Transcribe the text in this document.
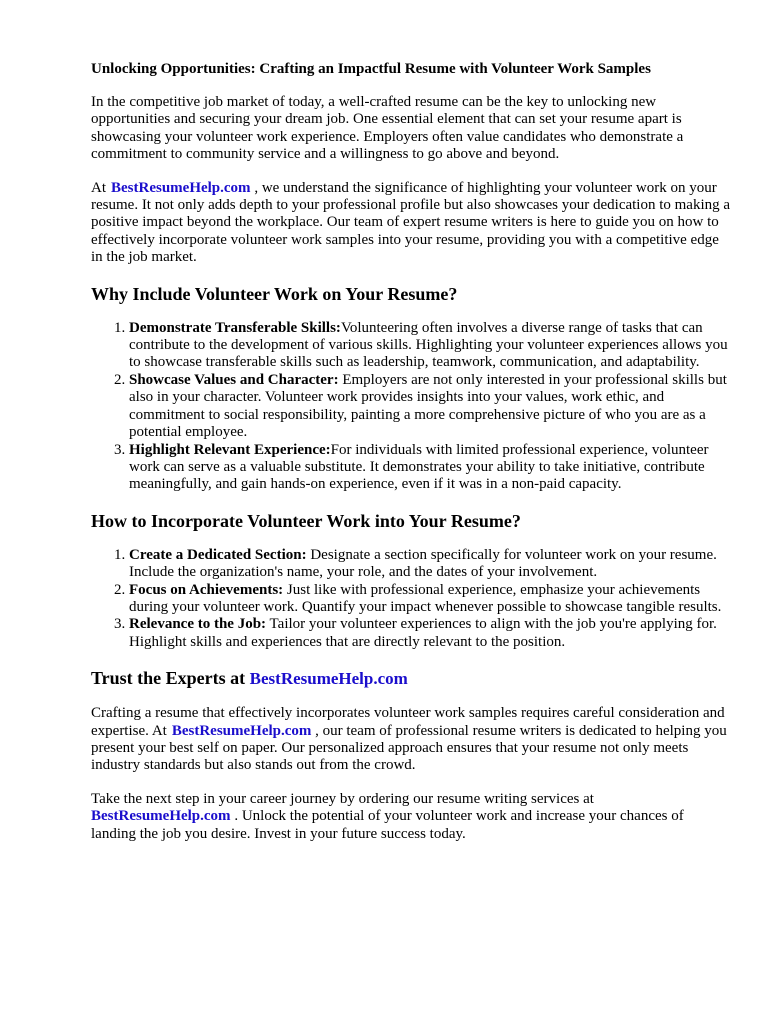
Unlocking Opportunities: Crafting an Impactful Resume with Volunteer Work Samples

In the competitive job market of today, a well-crafted resume can be the key to unlocking new opportunities and securing your dream job. One essential element that can set your resume apart is showcasing your volunteer work experience. Employers often value candidates who demonstrate a commitment to community service and a willingness to go above and beyond.

At BestResumeHelp.com , we understand the significance of highlighting your volunteer work on your resume. It not only adds depth to your professional profile but also showcases your dedication to making a positive impact beyond the workplace. Our team of expert resume writers is here to guide you on how to effectively incorporate volunteer work samples into your resume, providing you with a competitive edge in the job market.

Why Include Volunteer Work on Your Resume?
1. Demonstrate Transferable Skills:Volunteering often involves a diverse range of tasks that can contribute to the development of various skills. Highlighting your volunteer experiences allows you to showcase transferable skills such as leadership, teamwork, communication, and adaptability.
2. Showcase Values and Character: Employers are not only interested in your professional skills but also in your character. Volunteer work provides insights into your values, work ethic, and commitment to social responsibility, painting a more comprehensive picture of who you are as a potential employee.
3. Highlight Relevant Experience:For individuals with limited professional experience, volunteer work can serve as a valuable substitute. It demonstrates your ability to take initiative, contribute meaningfully, and gain hands-on experience, even if it was in a non-paid capacity.
How to Incorporate Volunteer Work into Your Resume?
1. Create a Dedicated Section: Designate a section specifically for volunteer work on your resume. Include the organization's name, your role, and the dates of your involvement.
2. Focus on Achievements: Just like with professional experience, emphasize your achievements during your volunteer work. Quantify your impact whenever possible to showcase tangible results.
3. Relevance to the Job: Tailor your volunteer experiences to align with the job you're applying for. Highlight skills and experiences that are directly relevant to the position.
Trust the Experts at BestResumeHelp.com

Crafting a resume that effectively incorporates volunteer work samples requires careful consideration and expertise. At BestResumeHelp.com , our team of professional resume writers is dedicated to helping you present your best self on paper. Our personalized approach ensures that your resume not only meets industry standards but also stands out from the crowd.

Take the next step in your career journey by ordering our resume writing services at BestResumeHelp.com . Unlock the potential of your volunteer work and increase your chances of landing the job you desire. Invest in your future success today.
